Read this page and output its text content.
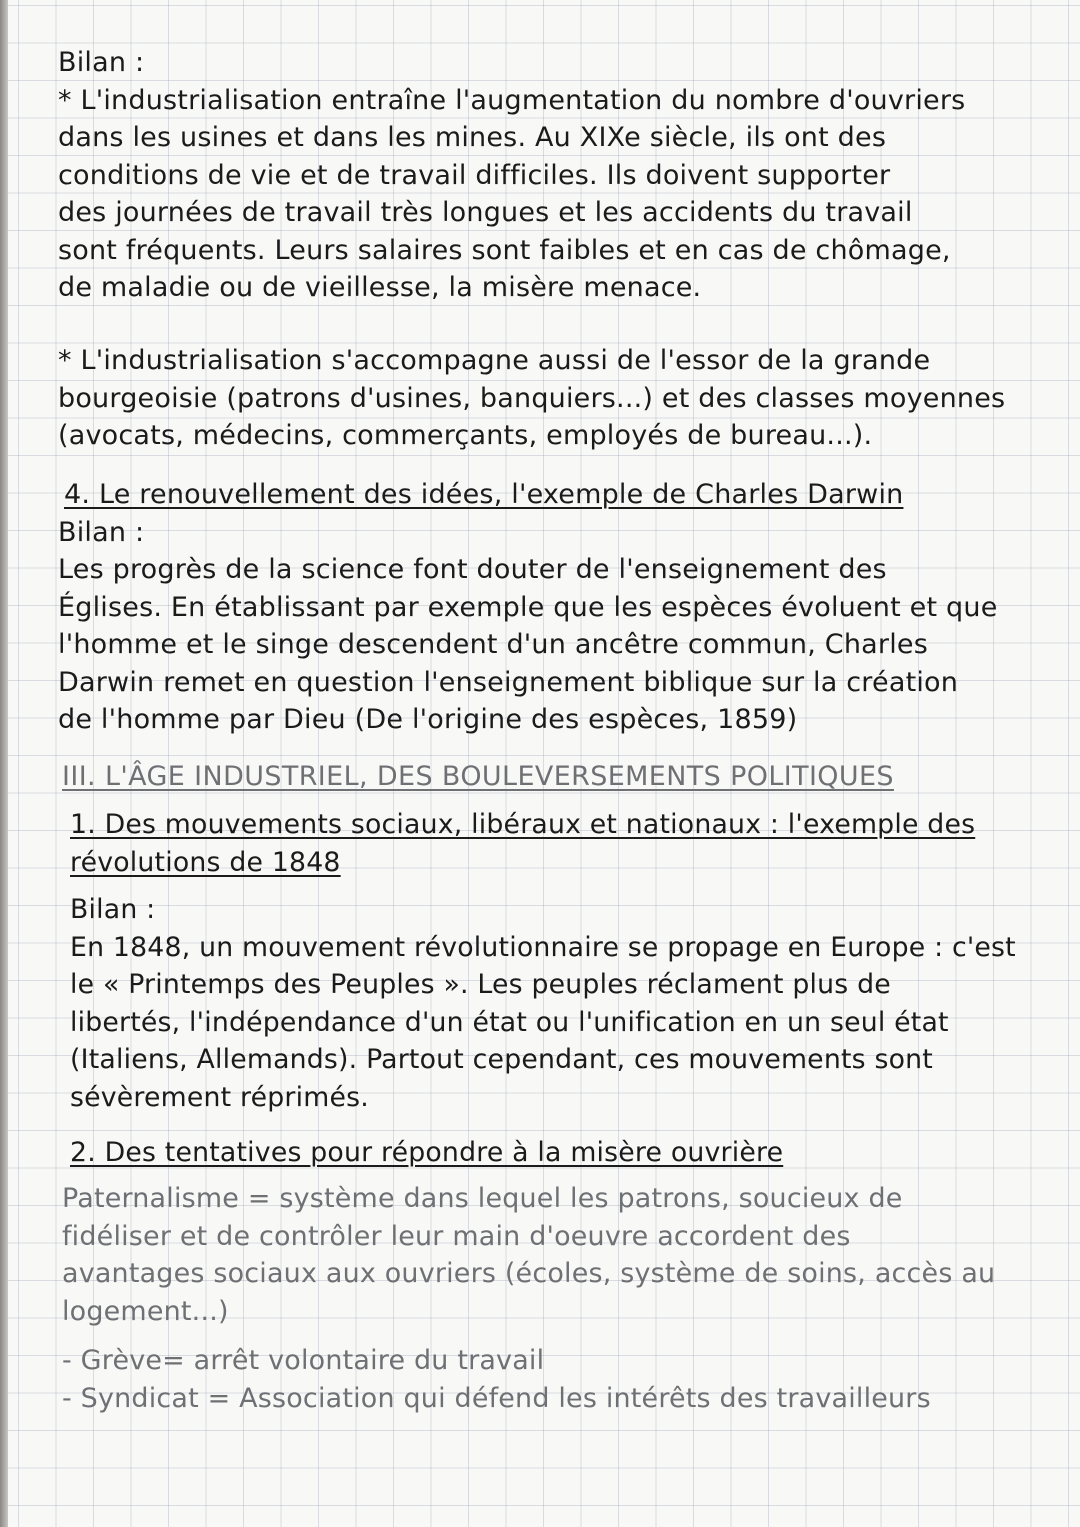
Bilan :
* L'industrialisation entraîne l'augmentation du nombre d'ouvriers
dans les usines et dans les mines. Au XIXe siècle, ils ont des
conditions de vie et de travail difficiles. Ils doivent supporter
des journées de travail très longues et les accidents du travail
sont fréquents. Leurs salaires sont faibles et en cas de chômage,
de maladie ou de vieillesse, la misère menace.
* L'industrialisation s'accompagne aussi de l'essor de la grande
bourgeoisie (patrons d'usines, banquiers...) et des classes moyennes
(avocats, médecins, commerçants, employés de bureau...).
4. Le renouvellement des idées, l'exemple de Charles Darwin
Bilan :
Les progrès de la science font douter de l'enseignement des
Églises. En établissant par exemple que les espèces évoluent et que
l'homme et le singe descendent d'un ancêtre commun, Charles
Darwin remet en question l'enseignement biblique sur la création
de l'homme par Dieu (De l'origine des espèces, 1859)
III. L'ÂGE INDUSTRIEL, DES BOULEVERSEMENTS POLITIQUES
1. Des mouvements sociaux, libéraux et nationaux : l'exemple des
révolutions de 1848
Bilan :
En 1848, un mouvement révolutionnaire se propage en Europe : c'est
le « Printemps des Peuples ». Les peuples réclament plus de
libertés, l'indépendance d'un état ou l'unification en un seul état
(Italiens, Allemands). Partout cependant, ces mouvements sont
sévèrement réprimés.
2. Des tentatives pour répondre à la misère ouvrière
Paternalisme = système dans lequel les patrons, soucieux de
fidéliser et de contrôler leur main d'oeuvre accordent des
avantages sociaux aux ouvriers (écoles, système de soins, accès au
logement...)
- Grève= arrêt volontaire du travail
- Syndicat = Association qui défend les intérêts des travailleurs
